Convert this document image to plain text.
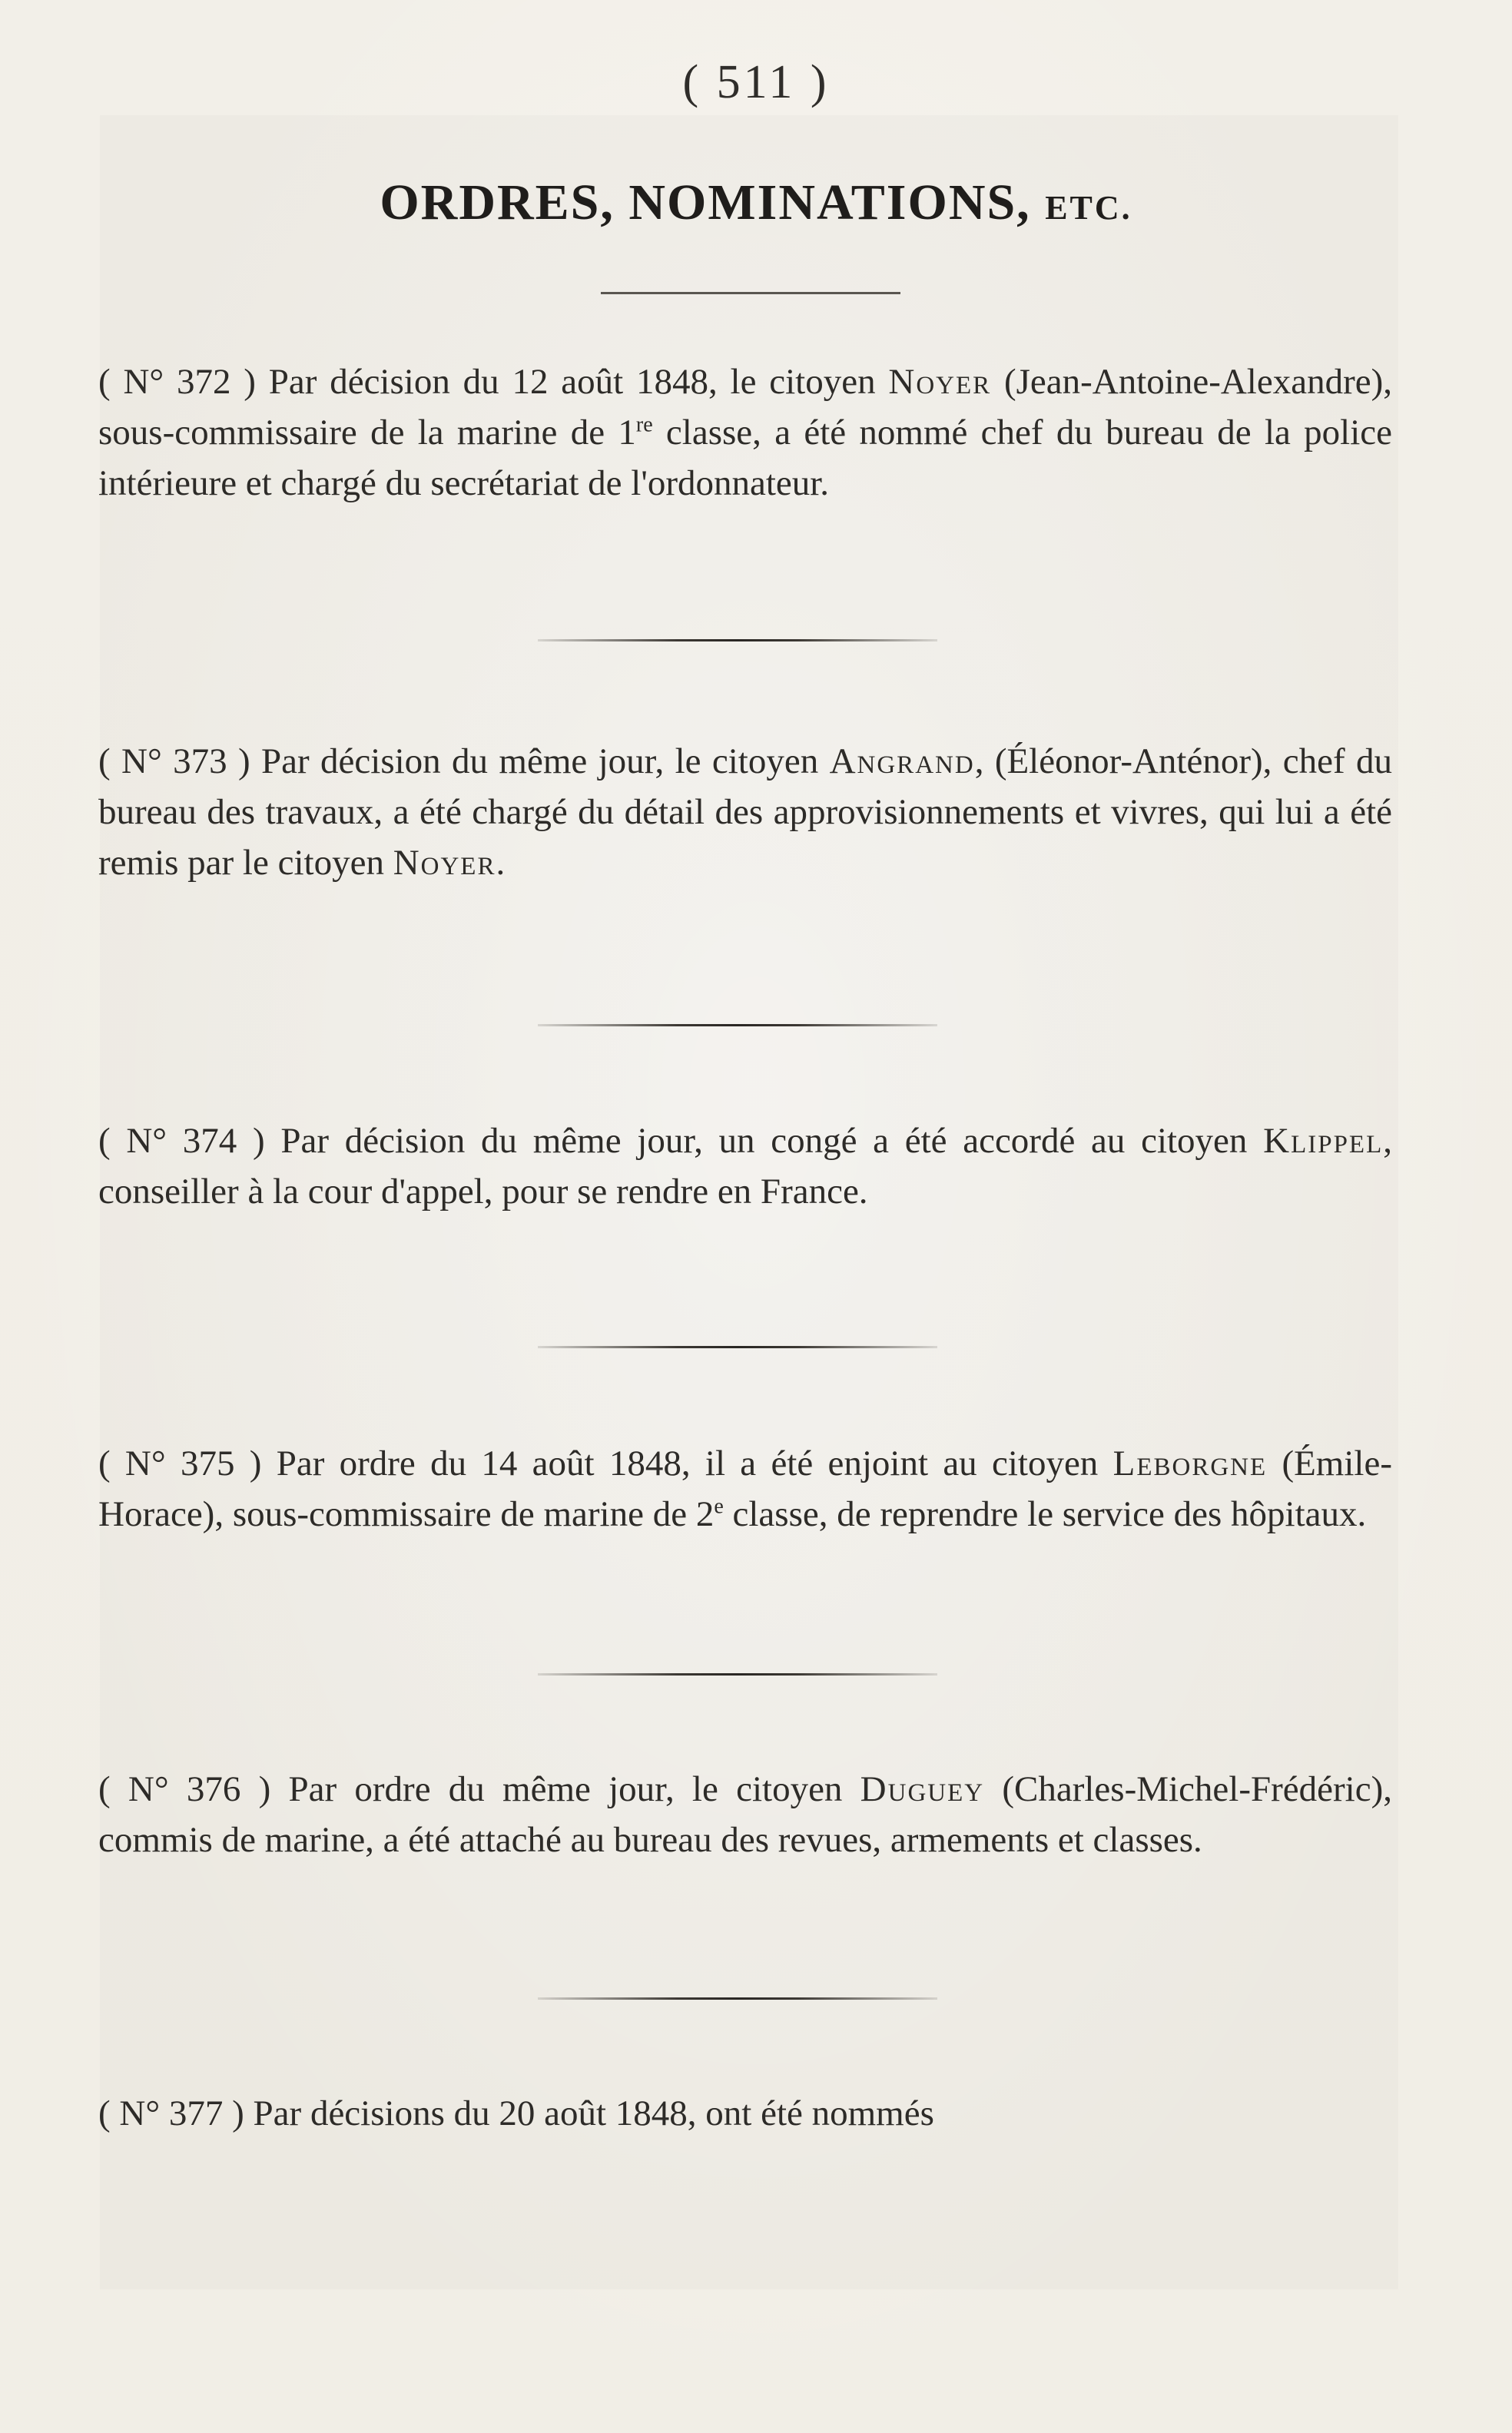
( 511 )
ORDRES, NOMINATIONS, ETC.

( N° 372 ) Par décision du 12 août 1848, le citoyen Noyer (Jean-Antoine-Alexandre), sous-commissaire de la marine de 1re classe, a été nommé chef du bureau de la police intérieure et chargé du secrétariat de l'ordonnateur.

( N° 373 ) Par décision du même jour, le citoyen Angrand, (Éléonor-Anténor), chef du bureau des travaux, a été chargé du détail des approvisionnements et vivres, qui lui a été remis par le citoyen Noyer.

( N° 374 ) Par décision du même jour, un congé a été accordé au citoyen Klippel, conseiller à la cour d'appel, pour se rendre en France.

( N° 375 ) Par ordre du 14 août 1848, il a été enjoint au citoyen Leborgne (Émile-Horace), sous-commissaire de marine de 2e classe, de reprendre le service des hôpitaux.

( N° 376 ) Par ordre du même jour, le citoyen Duguey (Charles-Michel-Frédéric), commis de marine, a été attaché au bureau des revues, armements et classes.

( N° 377 ) Par décisions du 20 août 1848, ont été nommés
